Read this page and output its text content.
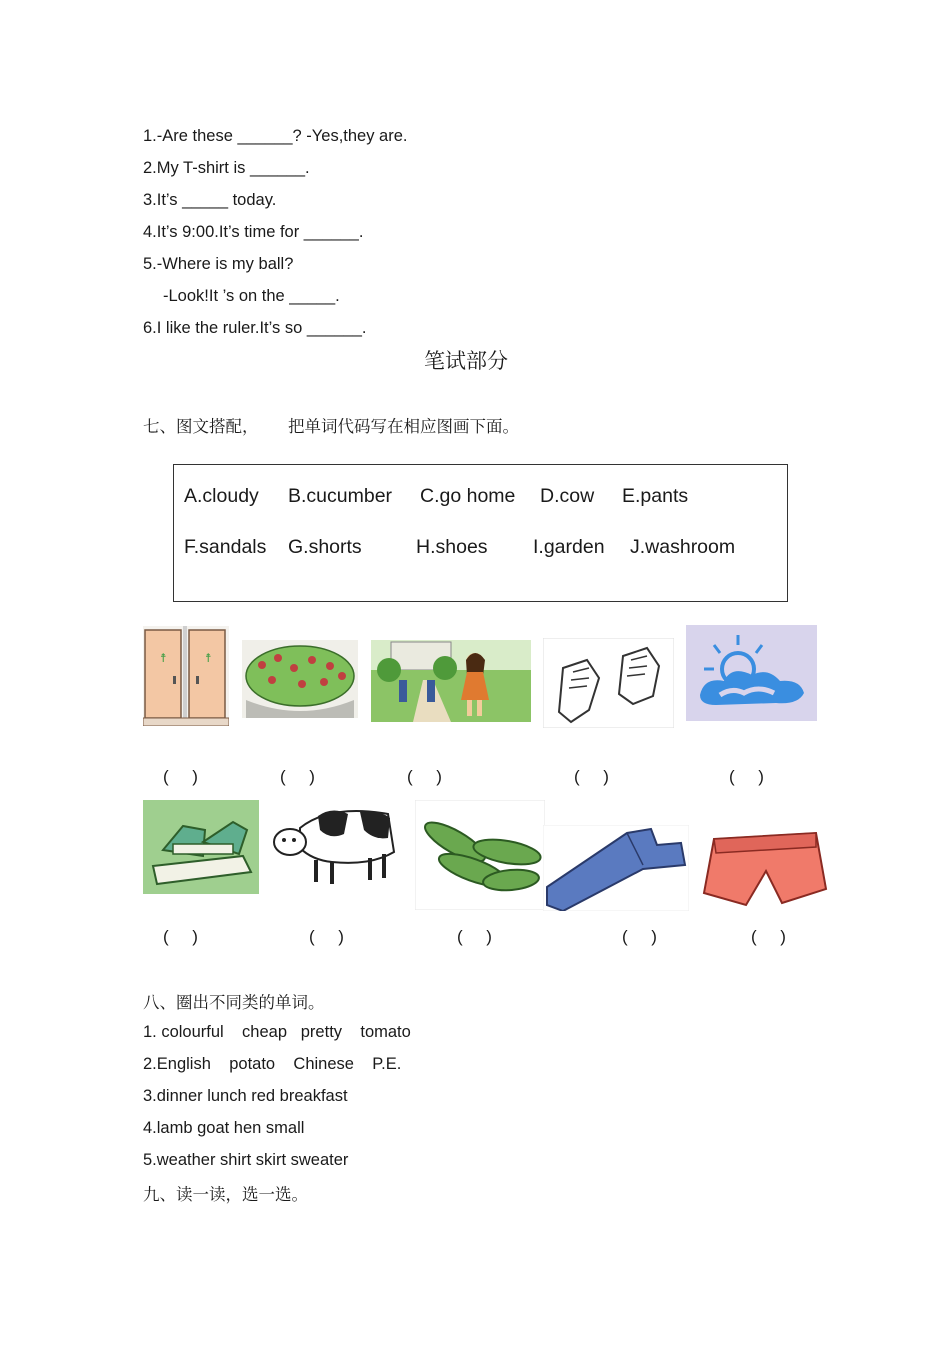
1.-Are these ______? -Yes,they are.
2.My T-shirt is ______.
3.It’s _____ today.
4.It’s 9:00.It’s time for ______.
5.-Where is my ball?
-Look!It ’s on the _____.
6.I like the ruler.It’s so ______.
笔试部分
七、图文搭配， 把单词代码写在相应图画下面。
A.cloudy B.cucumber C.go home D.cow E.pants
F.sandals G.shorts	H.shoes I.garden J.washroom
☨	☨
(     )	(     )	(     )	(     )	(     )
(     )	(     )	(     )	(     )	(     )
八、圈出不同类的单词。
1. colourful    cheap   pretty    tomato
2.English    potato    Chinese    P.E.
3.dinner lunch red breakfast
4.lamb goat hen small
5.weather shirt skirt sweater
九、读一读，选一选。
